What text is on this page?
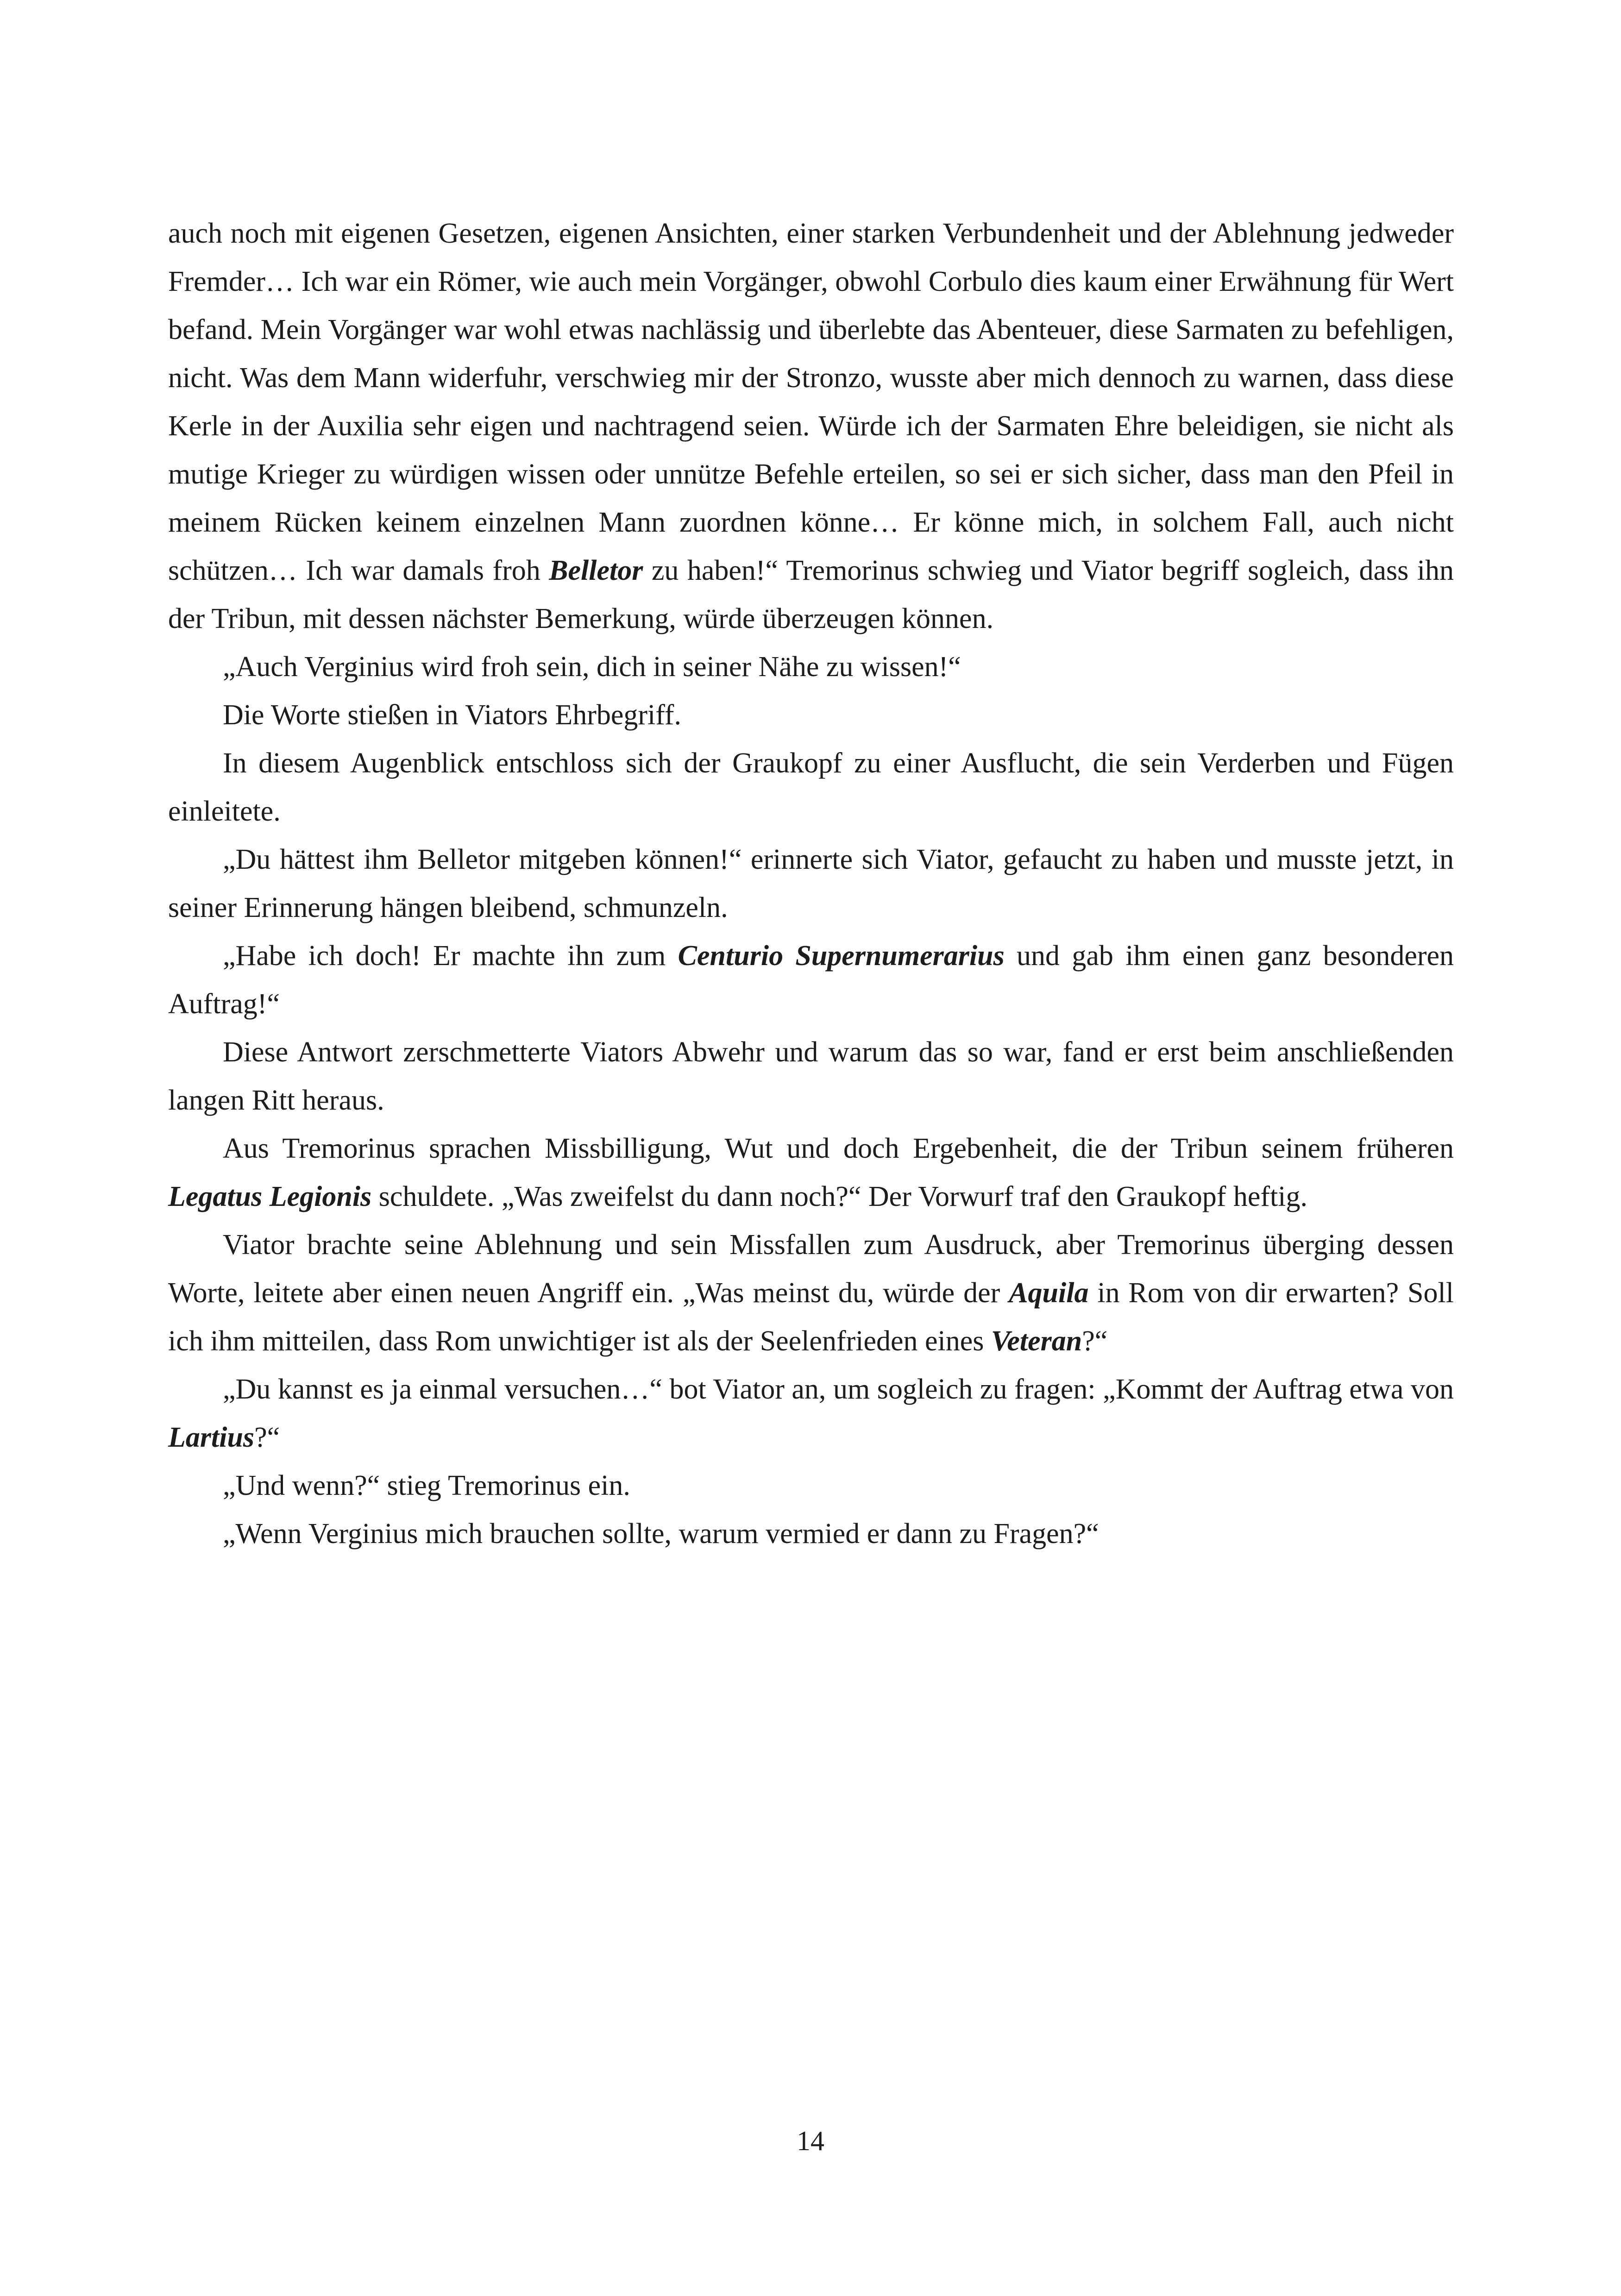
auch noch mit eigenen Gesetzen, eigenen Ansichten, einer starken Verbundenheit und der Ablehnung jedweder Fremder… Ich war ein Römer, wie auch mein Vorgänger, obwohl Corbulo dies kaum einer Erwähnung für Wert befand. Mein Vorgänger war wohl etwas nachlässig und überlebte das Abenteuer, diese Sarmaten zu befehligen, nicht. Was dem Mann widerfuhr, verschwieg mir der Stronzo, wusste aber mich dennoch zu warnen, dass diese Kerle in der Auxilia sehr eigen und nachtragend seien. Würde ich der Sarmaten Ehre beleidigen, sie nicht als mutige Krieger zu würdigen wissen oder unnütze Befehle erteilen, so sei er sich sicher, dass man den Pfeil in meinem Rücken keinem einzelnen Mann zuordnen könne… Er könne mich, in solchem Fall, auch nicht schützen… Ich war damals froh Belletor zu haben!“ Tremorinus schwieg und Viator begriff sogleich, dass ihn der Tribun, mit dessen nächster Bemerkung, würde überzeugen können.

„Auch Verginius wird froh sein, dich in seiner Nähe zu wissen!“

Die Worte stießen in Viators Ehrbegriff.

In diesem Augenblick entschloss sich der Graukopf zu einer Ausflucht, die sein Verderben und Fügen einleitete.

„Du hättest ihm Belletor mitgeben können!“ erinnerte sich Viator, gefaucht zu haben und musste jetzt, in seiner Erinnerung hängen bleibend, schmunzeln.

„Habe ich doch! Er machte ihn zum Centurio Supernumerarius und gab ihm einen ganz besonderen Auftrag!“

Diese Antwort zerschmetterte Viators Abwehr und warum das so war, fand er erst beim anschließenden langen Ritt heraus.

Aus Tremorinus sprachen Missbilligung, Wut und doch Ergebenheit, die der Tribun seinem früheren Legatus Legionis schuldete. „Was zweifelst du dann noch?“ Der Vorwurf traf den Graukopf heftig.

Viator brachte seine Ablehnung und sein Missfallen zum Ausdruck, aber Tremorinus überging dessen Worte, leitete aber einen neuen Angriff ein. „Was meinst du, würde der Aquila in Rom von dir erwarten? Soll ich ihm mitteilen, dass Rom unwichtiger ist als der Seelenfrieden eines Veteran?“

„Du kannst es ja einmal versuchen…“ bot Viator an, um sogleich zu fragen: „Kommt der Auftrag etwa von Lartius?“

„Und wenn?“ stieg Tremorinus ein.

„Wenn Verginius mich brauchen sollte, warum vermied er dann zu Fragen?“

14
